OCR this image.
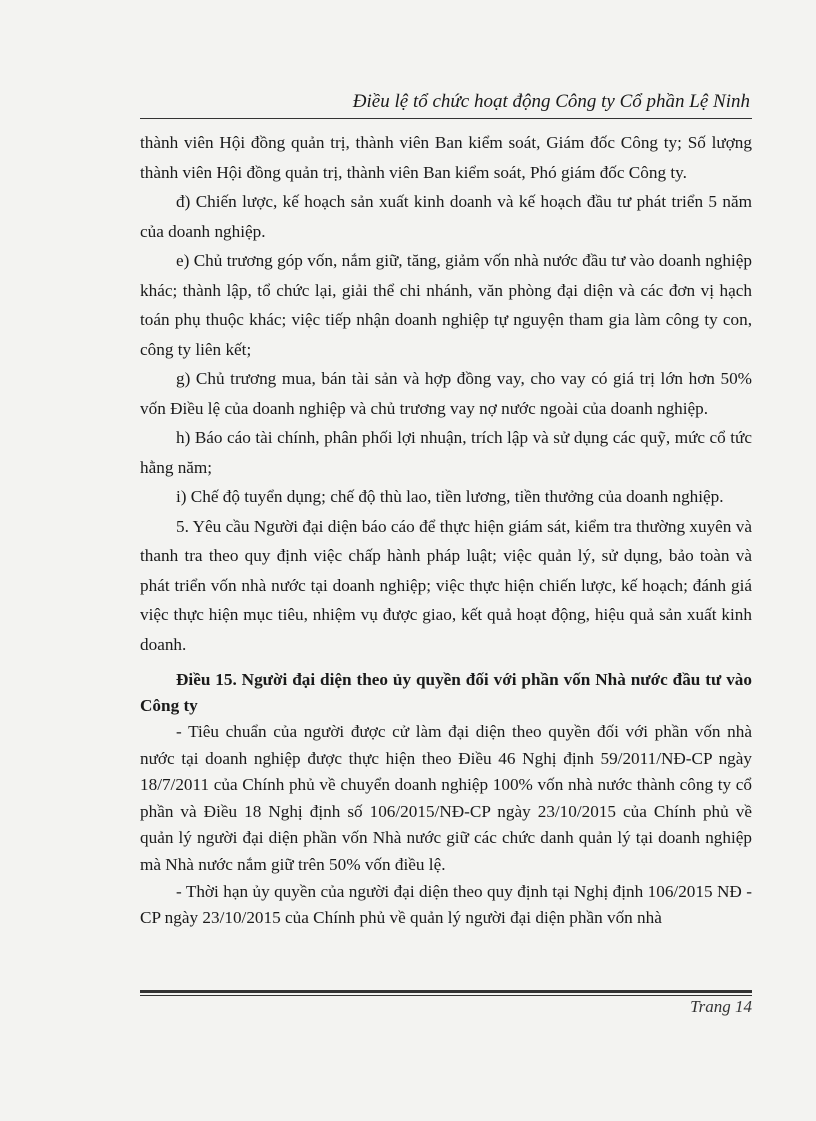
Điều lệ tổ chức hoạt động Công ty Cổ phần Lệ Ninh

thành viên Hội đồng quản trị, thành viên Ban kiểm soát, Giám đốc Công ty; Số lượng thành viên Hội đồng quản trị, thành viên Ban kiểm soát, Phó giám đốc Công ty.

đ) Chiến lược, kế hoạch sản xuất kinh doanh và kế hoạch đầu tư phát triển 5 năm của doanh nghiệp.

e) Chủ trương góp vốn, nắm giữ, tăng, giảm vốn nhà nước đầu tư vào doanh nghiệp khác; thành lập, tổ chức lại, giải thể chi nhánh, văn phòng đại diện và các đơn vị hạch toán phụ thuộc khác; việc tiếp nhận doanh nghiệp tự nguyện tham gia làm công ty con, công ty liên kết;

g) Chủ trương mua, bán tài sản và hợp đồng vay, cho vay có giá trị lớn hơn 50% vốn Điều lệ của doanh nghiệp và chủ trương vay nợ nước ngoài của doanh nghiệp.

h) Báo cáo tài chính, phân phối lợi nhuận, trích lập và sử dụng các quỹ, mức cổ tức hằng năm;

i) Chế độ tuyển dụng; chế độ thù lao, tiền lương, tiền thưởng của doanh nghiệp.

5. Yêu cầu Người đại diện báo cáo để thực hiện giám sát, kiểm tra thường xuyên và thanh tra theo quy định việc chấp hành pháp luật; việc quản lý, sử dụng, bảo toàn và phát triển vốn nhà nước tại doanh nghiệp; việc thực hiện chiến lược, kế hoạch; đánh giá việc thực hiện mục tiêu, nhiệm vụ được giao, kết quả hoạt động, hiệu quả sản xuất kinh doanh.

Điều 15. Người đại diện theo ủy quyền đối với phần vốn Nhà nước đầu tư vào Công ty

- Tiêu chuẩn của người được cử làm đại diện theo quyền đối với phần vốn nhà nước tại doanh nghiệp được thực hiện theo Điều 46 Nghị định 59/2011/NĐ-CP ngày 18/7/2011 của Chính phủ về chuyển doanh nghiệp 100% vốn nhà nước thành công ty cổ phần và Điều 18 Nghị định số 106/2015/NĐ-CP ngày 23/10/2015 của Chính phủ về quản lý người đại diện phần vốn Nhà nước giữ các chức danh quản lý tại doanh nghiệp mà Nhà nước nắm giữ trên 50% vốn điều lệ.

- Thời hạn ủy quyền của người đại diện theo quy định tại Nghị định 106/2015 NĐ - CP ngày 23/10/2015 của Chính phủ về quản lý người đại diện phần vốn nhà

Trang 14
